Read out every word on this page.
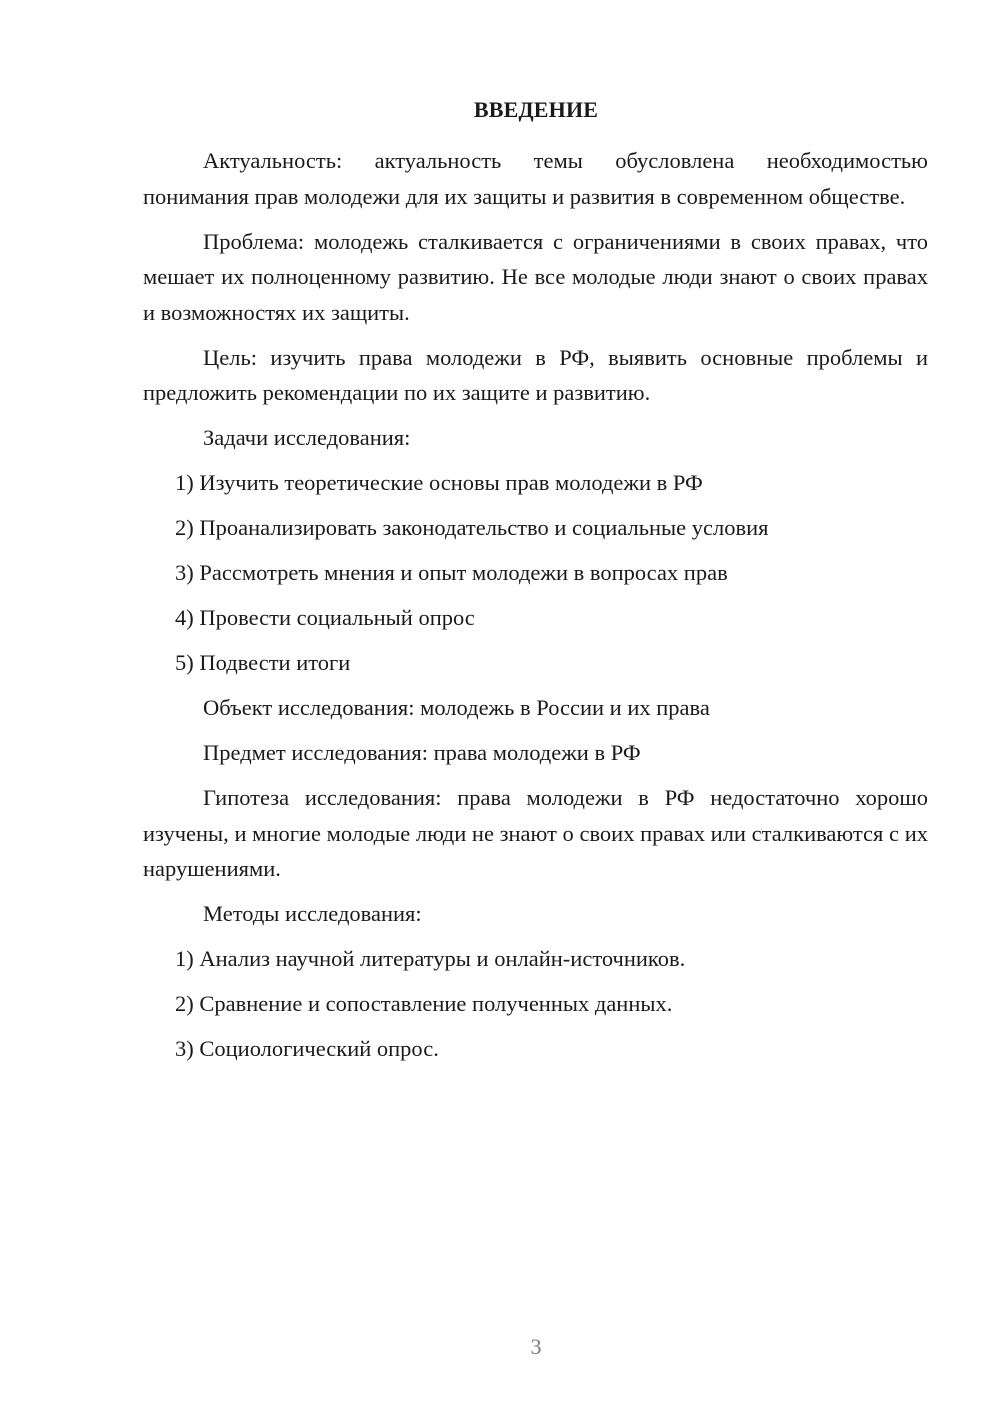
ВВЕДЕНИЕ

Актуальность: актуальность темы обусловлена необходимостью понимания прав молодежи для их защиты и развития в современном обществе.

Проблема: молодежь сталкивается с ограничениями в своих правах, что мешает их полноценному развитию. Не все молодые люди знают о своих правах и возможностях их защиты.

Цель: изучить права молодежи в РФ, выявить основные проблемы и предложить рекомендации по их защите и развитию.

Задачи исследования:

1) Изучить теоретические основы прав молодежи в РФ

2) Проанализировать законодательство и социальные условия

3) Рассмотреть мнения и опыт молодежи в вопросах прав

4) Провести социальный опрос

5) Подвести итоги

Объект исследования: молодежь в России и их права

Предмет исследования: права молодежи в РФ

Гипотеза исследования: права молодежи в РФ недостаточно хорошо изучены, и многие молодые люди не знают о своих правах или сталкиваются с их нарушениями.

Методы исследования:

1) Анализ научной литературы и онлайн-источников.

2) Сравнение и сопоставление полученных данных.

3) Социологический опрос.

3
